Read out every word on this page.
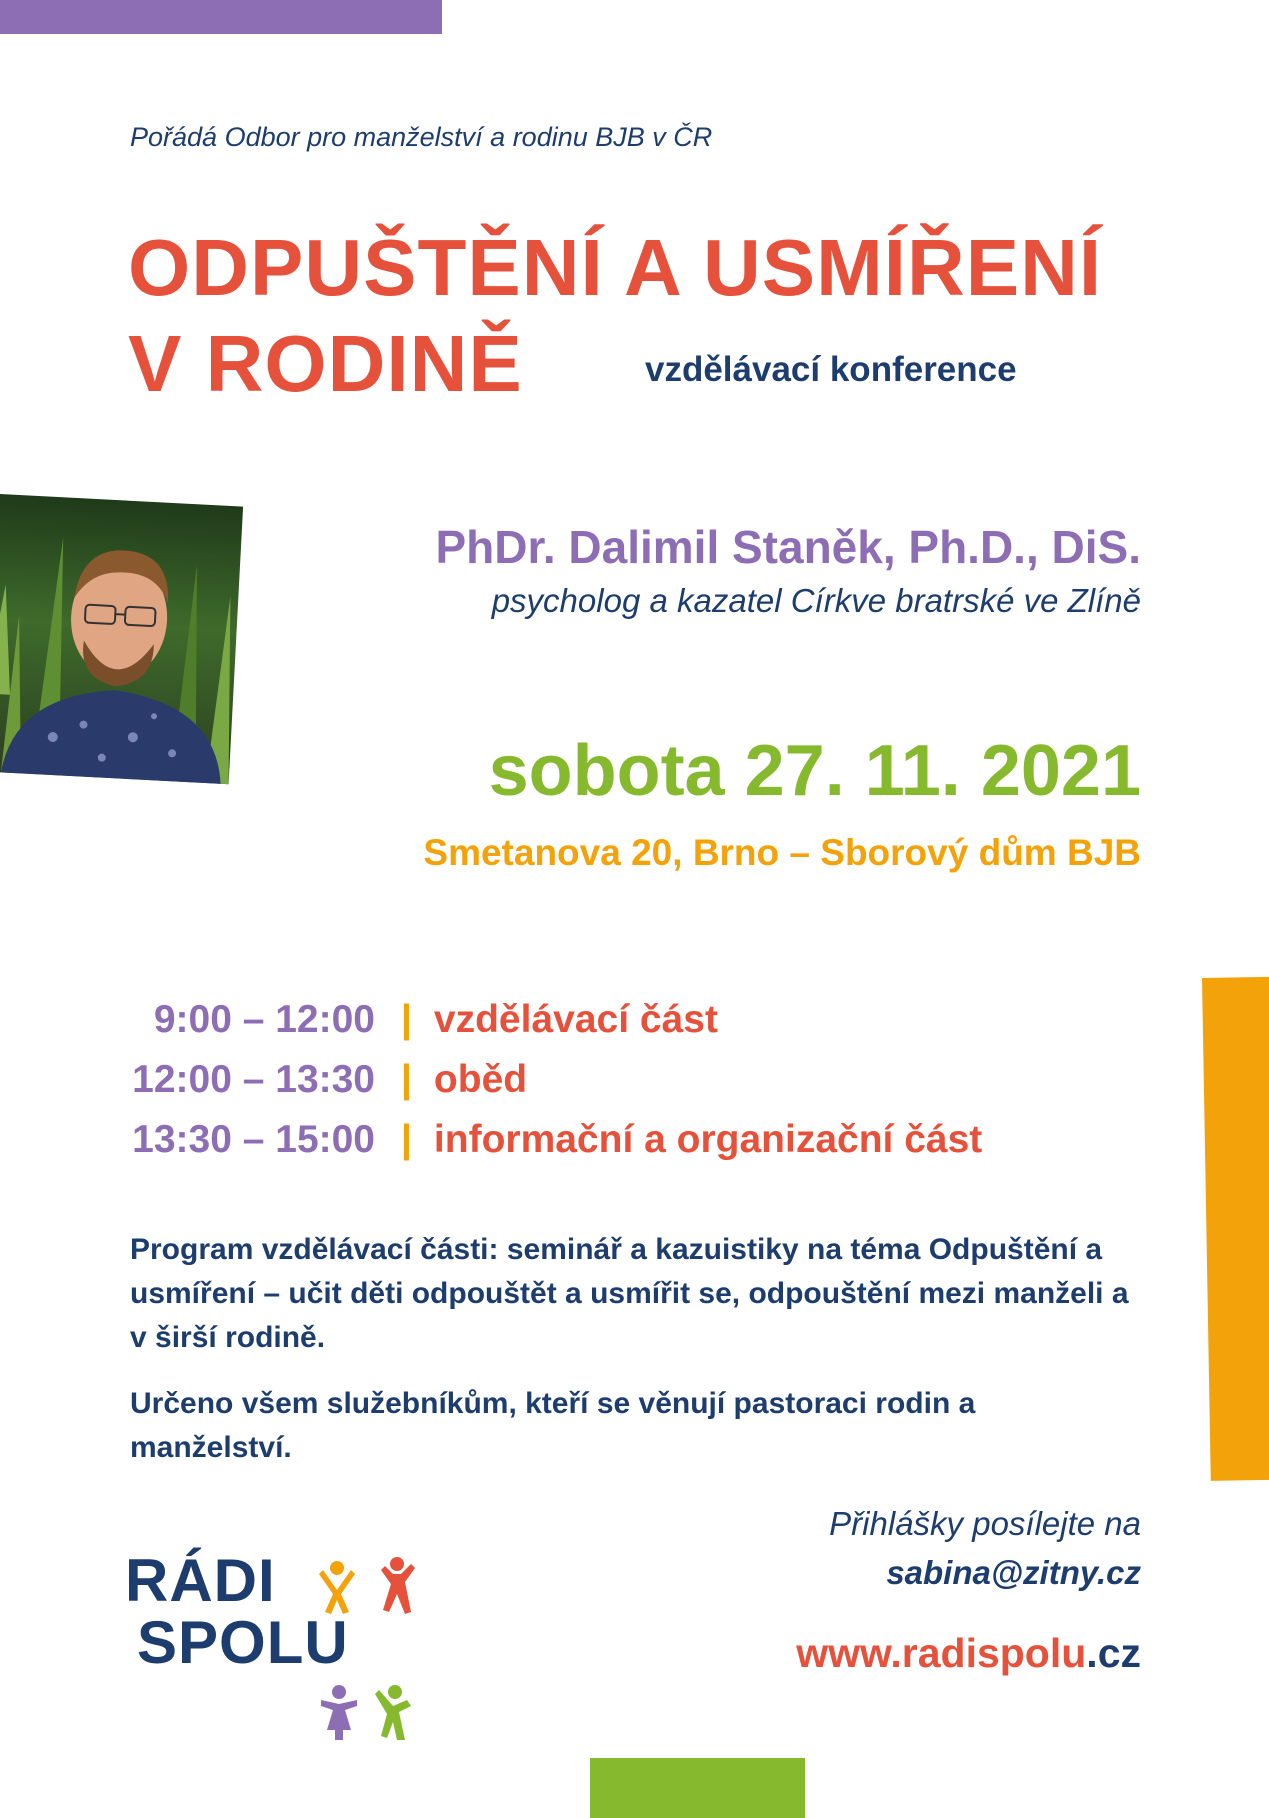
Pořádá Odbor pro manželství a rodinu BJB v ČR
ODPUŠTĚNÍ A USMÍŘENÍ
V RODINĚ	vzdělávací konference
PhDr. Dalimil Staněk, Ph.D., DiS.
psycholog a kazatel Církve bratrské ve Zlíně
sobota 27. 11. 2021
Smetanova 20, Brno – Sborový dům BJB
9:00 – 12:00 | vzdělávací část
12:00 – 13:30 | oběd
13:30 – 15:00 | informační a organizační část

Program vzdělávací části: seminář a kazuistiky na téma Odpuštění a usmíření – učit děti odpouštět a usmířit se, odpouštění mezi manželi a v širší rodině.

Určeno všem služebníkům, kteří se věnují pastoraci rodin a manželství.

RÁDI
SPOLU
Přihlášky posílejte na
sabina@zitny.cz
www.radispolu.cz
